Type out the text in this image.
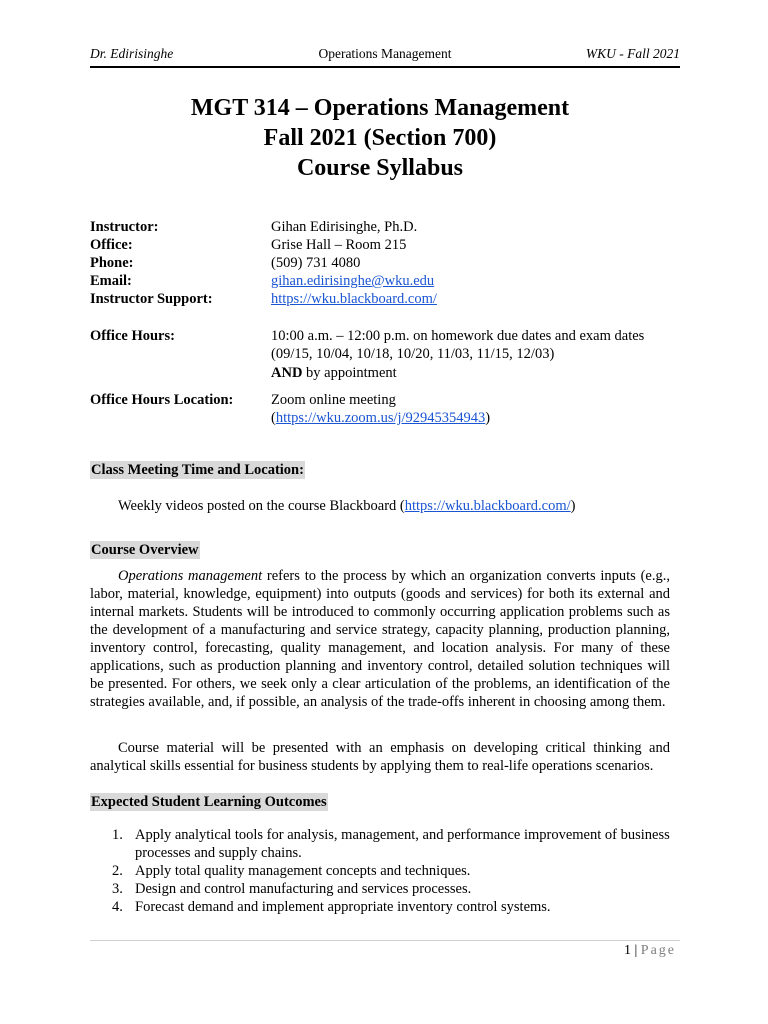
Dr. Edirisinghe	Operations Management	WKU - Fall 2021
MGT 314 – Operations Management
Fall 2021 (Section 700)
Course Syllabus
Instructor:	Gihan Edirisinghe, Ph.D.
Office:	Grise Hall – Room 215
Phone:	(509) 731 4080
Email:	gihan.edirisinghe@wku.edu
Instructor Support:	https://wku.blackboard.com/
Office Hours:	10:00 a.m. – 12:00 p.m. on homework due dates and exam dates
(09/15, 10/04, 10/18, 10/20, 11/03, 11/15, 12/03)
AND by appointment
Office Hours Location:	Zoom online meeting
(https://wku.zoom.us/j/92945354943)
Class Meeting Time and Location:

Weekly videos posted on the course Blackboard (https://wku.blackboard.com/)

Course Overview

Operations management refers to the process by which an organization converts inputs (e.g., labor, material, knowledge, equipment) into outputs (goods and services) for both its external and internal markets. Students will be introduced to commonly occurring application problems such as the development of a manufacturing and service strategy, capacity planning, production planning, inventory control, forecasting, quality management, and location analysis. For many of these applications, such as production planning and inventory control, detailed solution techniques will be presented. For others, we seek only a clear articulation of the problems, an identification of the strategies available, and, if possible, an analysis of the trade-offs inherent in choosing among them.

Course material will be presented with an emphasis on developing critical thinking and analytical skills essential for business students by applying them to real-life operations scenarios.

Expected Student Learning Outcomes
1. Apply analytical tools for analysis, management, and performance improvement of business processes and supply chains.
2. Apply total quality management concepts and techniques.
3. Design and control manufacturing and services processes.
4. Forecast demand and implement appropriate inventory control systems.
1 | Page
